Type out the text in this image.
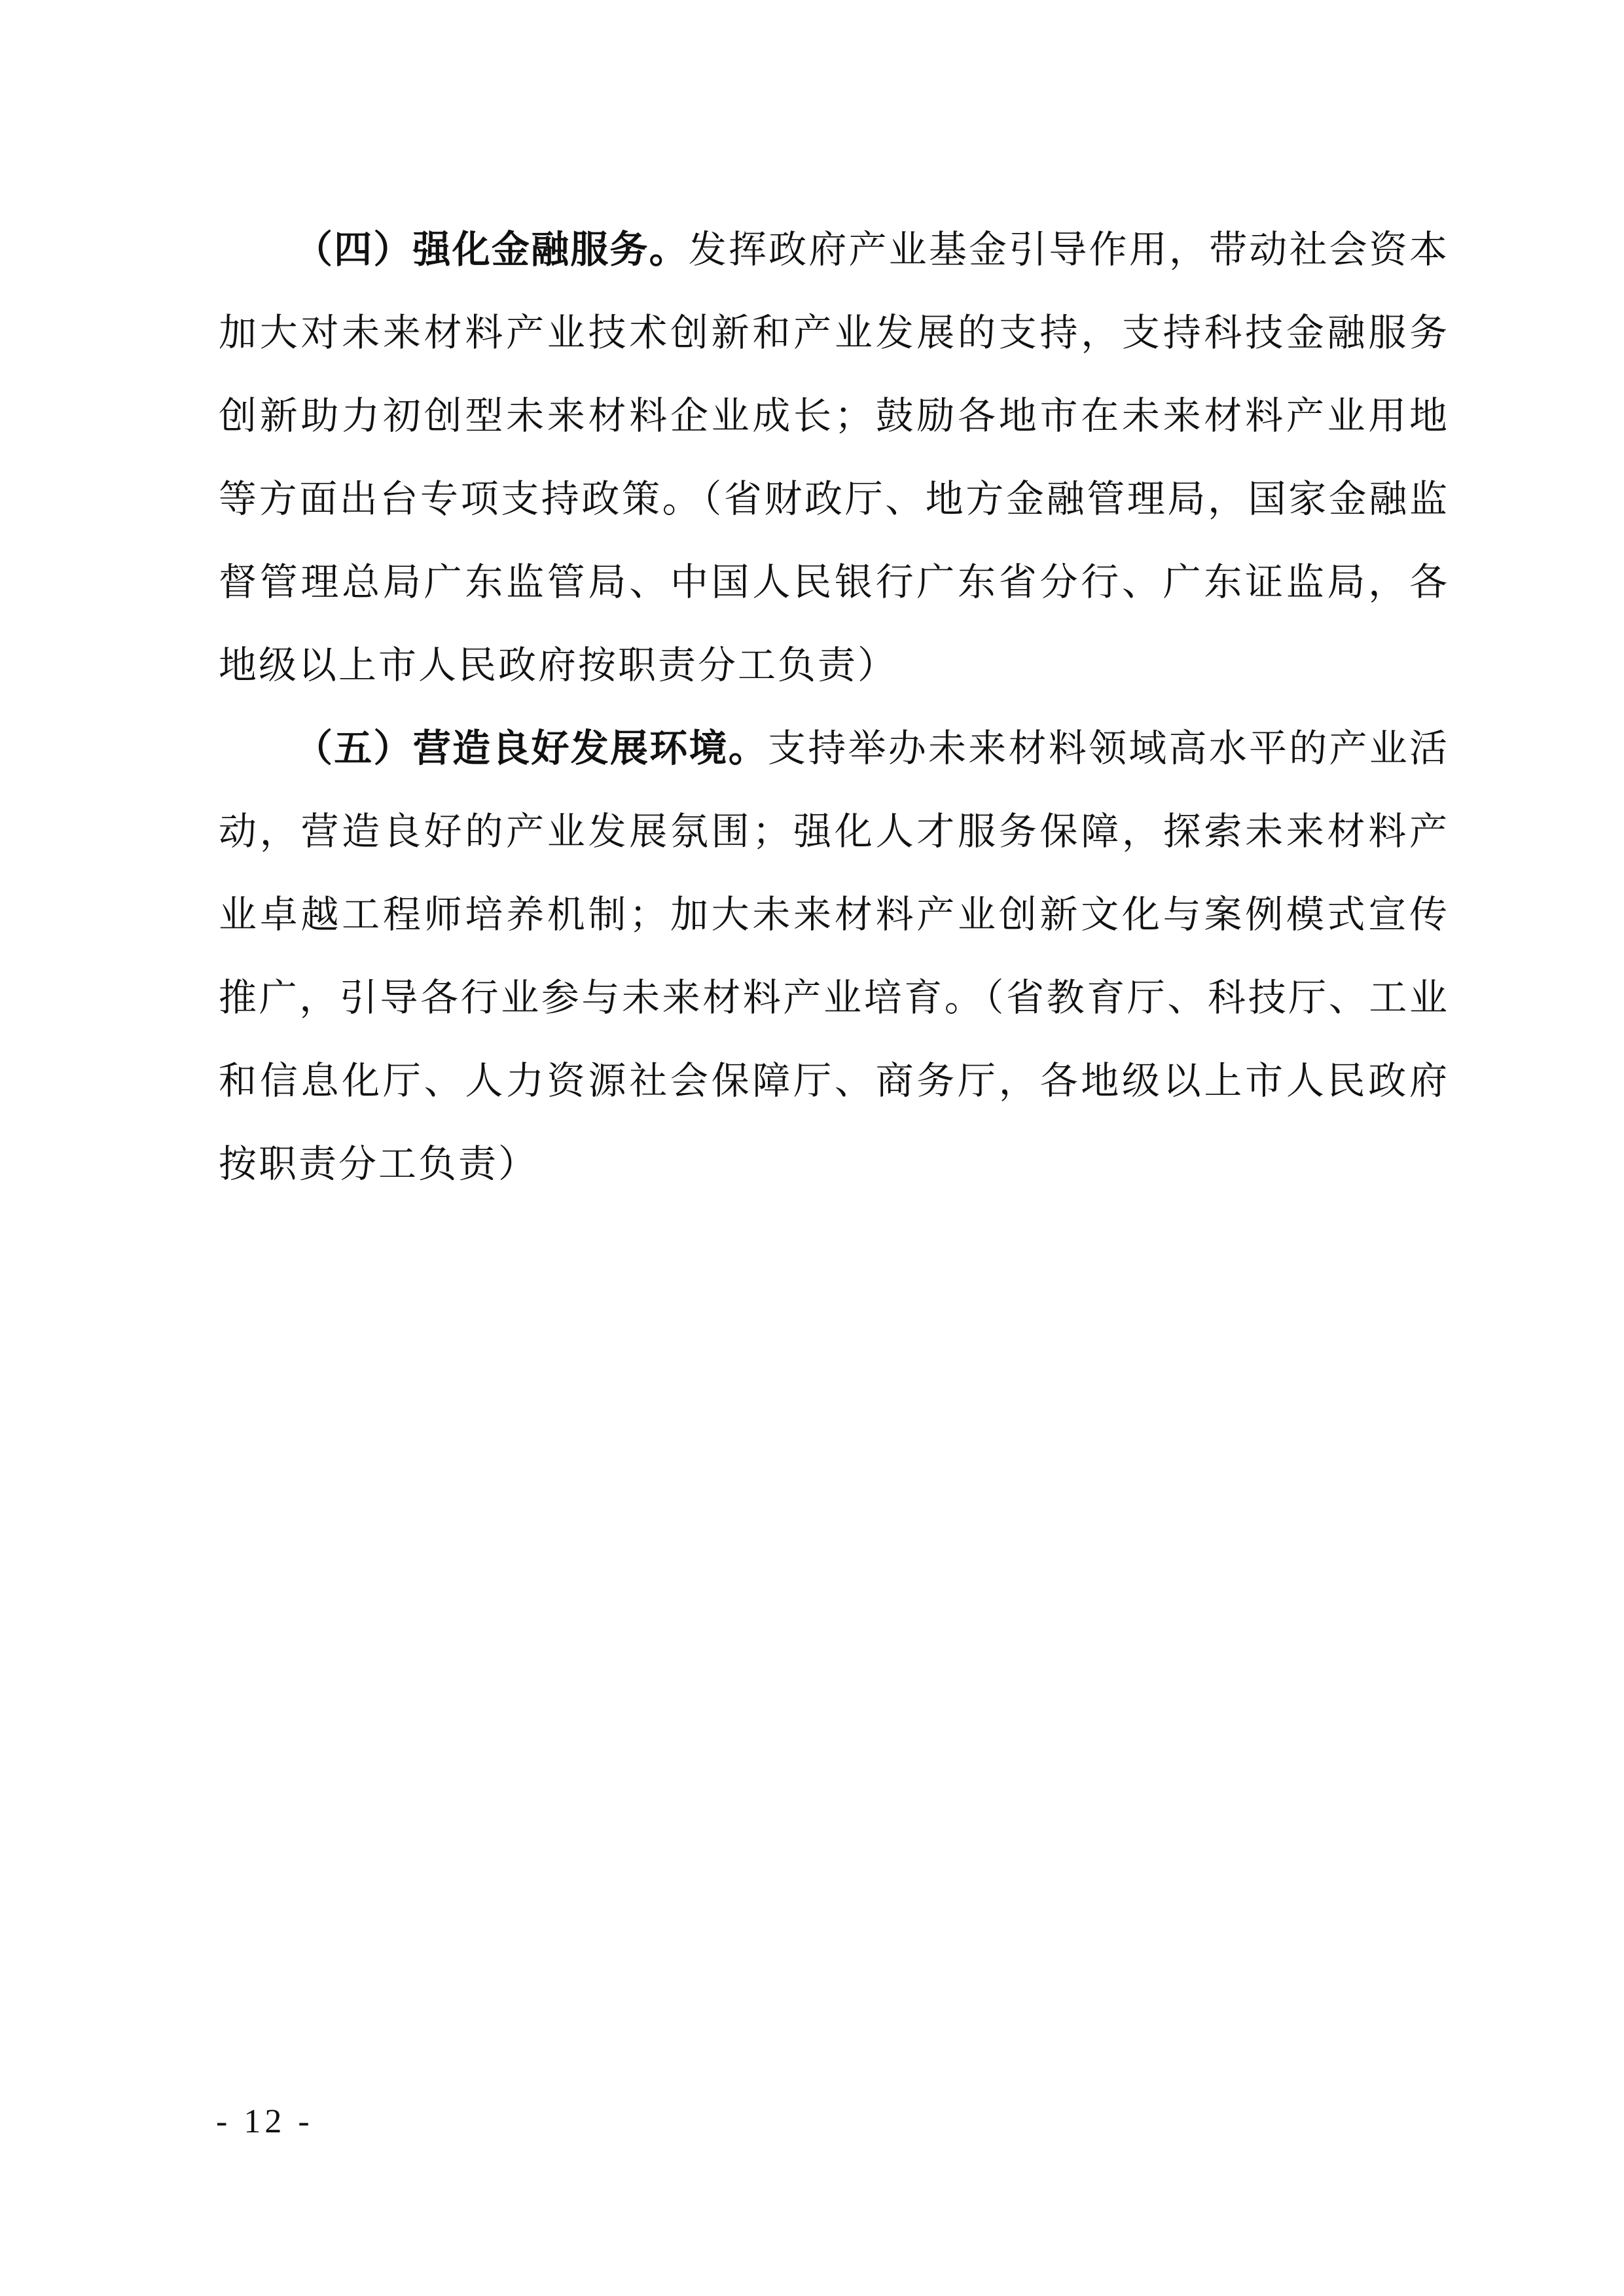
（四）强化金融服务。发挥政府产业基金引导作用，带动社会资本加大对未来材料产业技术创新和产业发展的支持，支持科技金融服务创新助力初创型未来材料企业成长；鼓励各地市在未来材料产业用地等方面出台专项支持政策。（省财政厅、地方金融管理局，国家金融监督管理总局广东监管局、中国人民银行广东省分行、广东证监局，各地级以上市人民政府按职责分工负责）

（五）营造良好发展环境。支持举办未来材料领域高水平的产业活动，营造良好的产业发展氛围；强化人才服务保障，探索未来材料产业卓越工程师培养机制；加大未来材料产业创新文化与案例模式宣传推广，引导各行业参与未来材料产业培育。（省教育厅、科技厅、工业和信息化厅、人力资源社会保障厅、商务厅，各地级以上市人民政府按职责分工负责）

- 12 -
